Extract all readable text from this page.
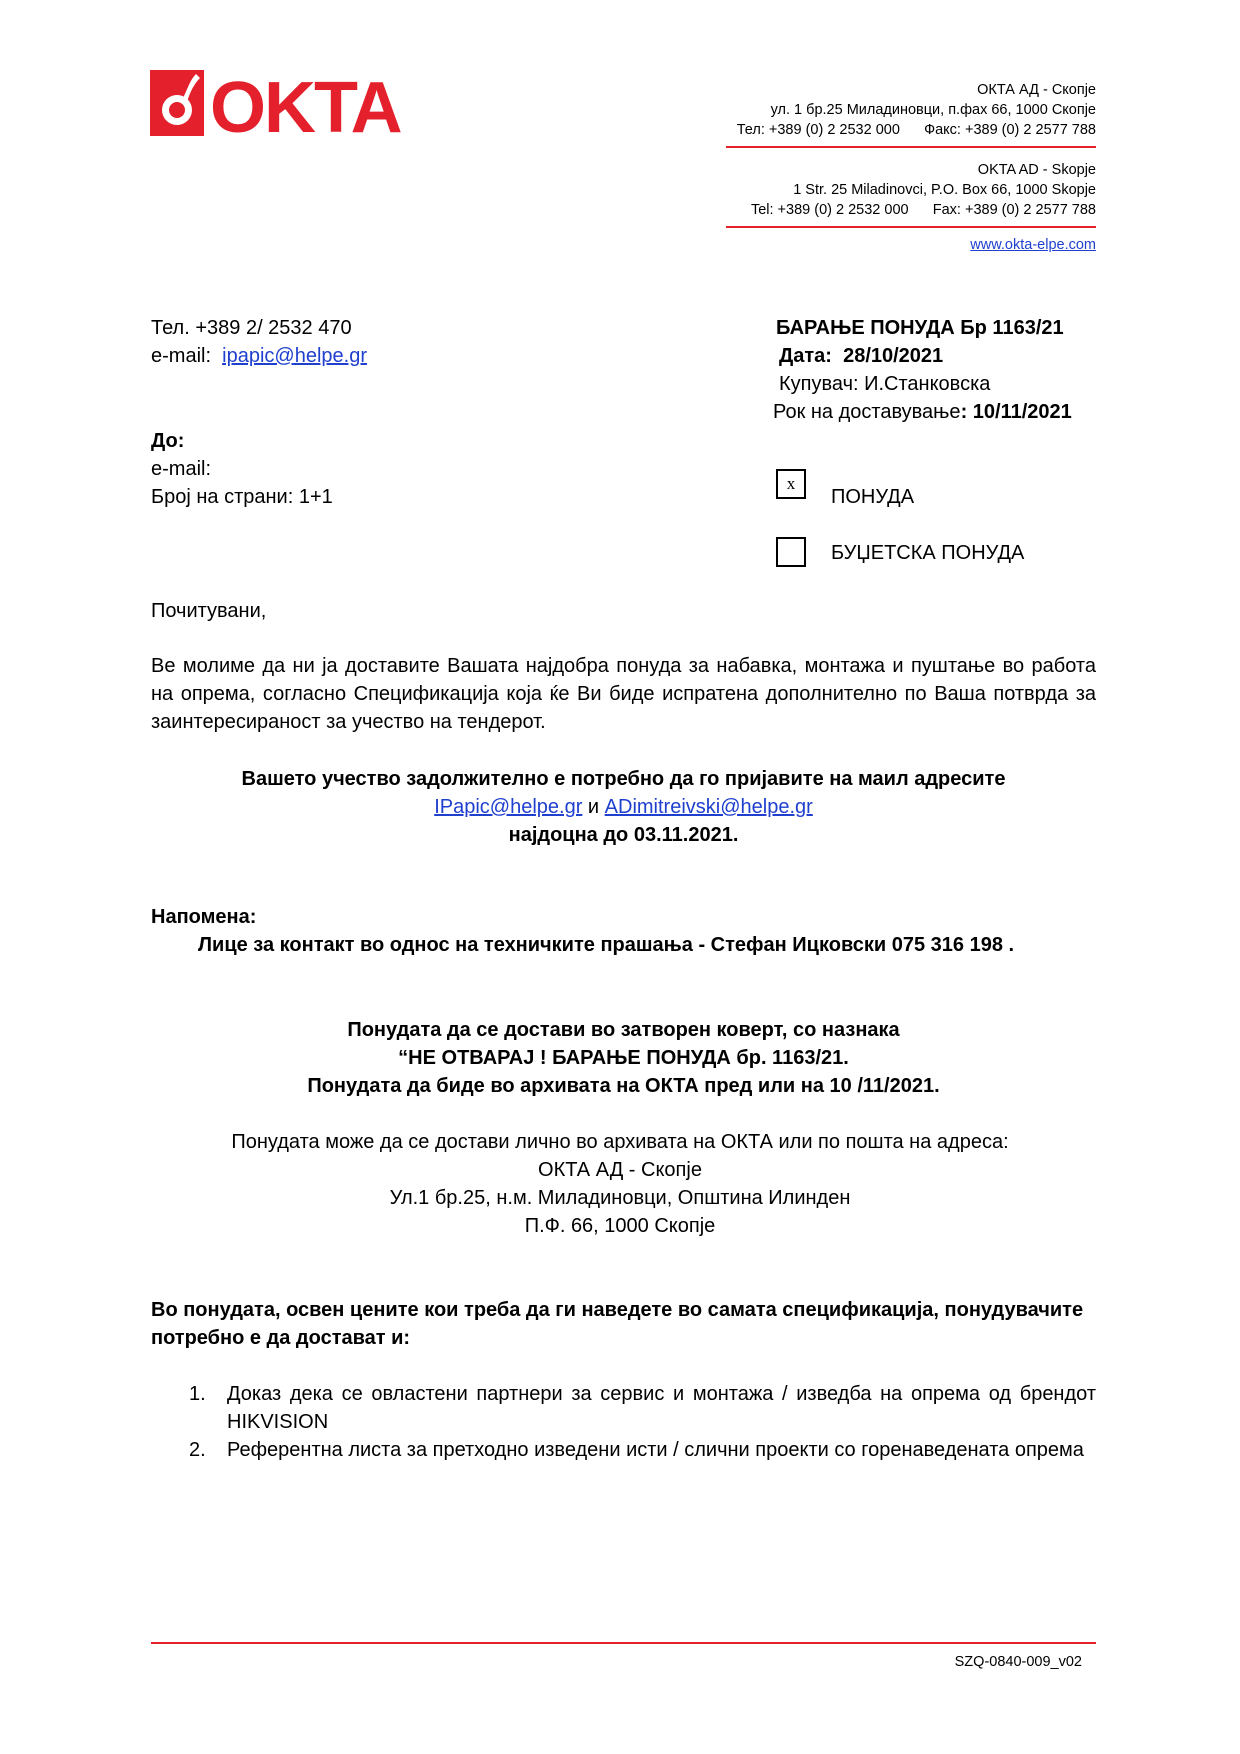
OKTA	ОКТА АД - Скопје
ул. 1 бр.25 Миладиновци, п.фах 66, 1000 Скопје
Тел: +389 (0) 2 2532 000 Факс: +389 (0) 2 2577 788
OKTA AD - Skopje
1 Str. 25 Miladinovci, P.O. Box 66, 1000 Skopje
Tel: +389 (0) 2 2532 000 Fax: +389 (0) 2 2577 788
www.okta-elpe.com
Тел. +389 2/ 2532 470
e-mail: ipapic@helpe.gr
БАРАЊЕ ПОНУДА Бр 1163/21
Дата: 28/10/2021
Купувач: И.Станковска
Рок на доставување: 10/11/2021
До:
e-mail:
Број на страни: 1+1
x
ПОНУДА
БУЏЕТСКА ПОНУДА
Почитувани,
Ве молиме да ни ја доставите Вашата најдобра понуда за набавка, монтажа и пуштање во работа на опрема, согласно Спецификација која ќе Ви биде испратена дополнително по Ваша потврда за заинтересираност за учество на тендерот.
Вашето учество задолжително е потребно да го пријавите на маил адресите
IPapic@helpe.gr и ADimitreivski@helpe.gr
најдоцна до 03.11.2021.
Напомена:
Лице за контакт во однос на техничките прашања - Стефан Ицковски 075 316 198 .
Понудата да се достави во затворен коверт, со назнака
“НЕ ОТВАРАЈ ! БАРАЊЕ ПОНУДА бр. 1163/21.
Понудата да биде во архивата на ОКТА пред или на 10 /11/2021.
Понудата може да се достави лично во архивата на ОКТА или по пошта на адреса:
ОКТА АД - Скопје
Ул.1 бр.25, н.м. Миладиновци, Општина Илинден
П.Ф. 66, 1000 Скопје
Во понудата, освен цените кои треба да ги наведете во самата спецификација, понудувачите потребно е да достават и:
1. Доказ дека се овластени партнери за сервис и монтажа / изведба на опрема од брендот HIKVISION
2. Референтна листа за претходно изведени исти / слични проекти со горенаведената опрема
SZQ-0840-009_v02
